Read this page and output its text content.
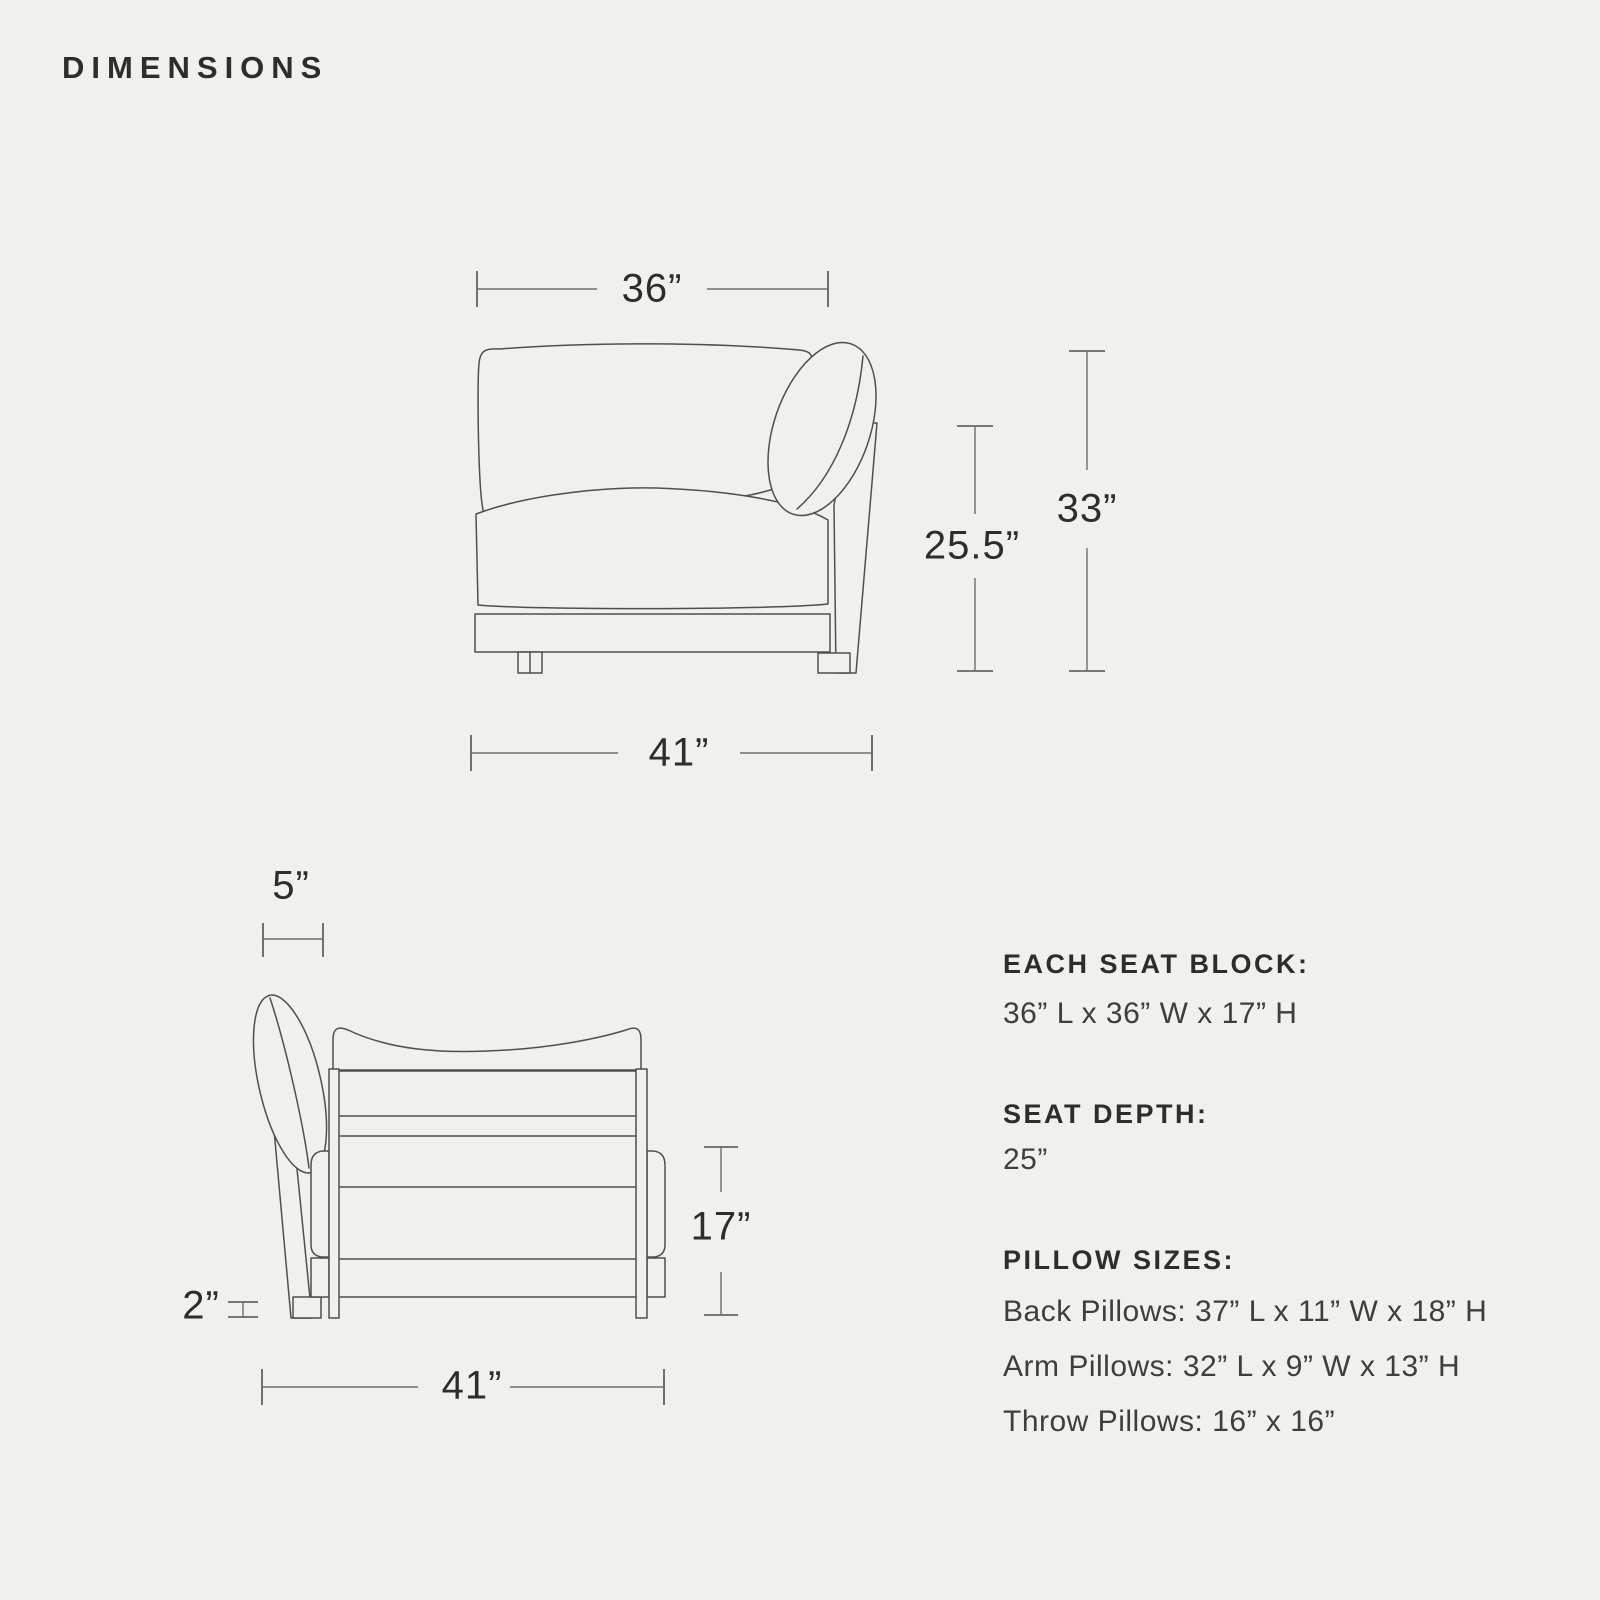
DIMENSIONS
36”
25.5”
33”
41”
5”
2”
17”
41”
EACH SEAT BLOCK:
36” L x 36” W x 17” H
SEAT DEPTH:
25”
PILLOW SIZES:
Back Pillows: 37” L x 11” W x 18” H
Arm Pillows: 32” L x 9” W x 13” H
Throw Pillows: 16” x 16”
